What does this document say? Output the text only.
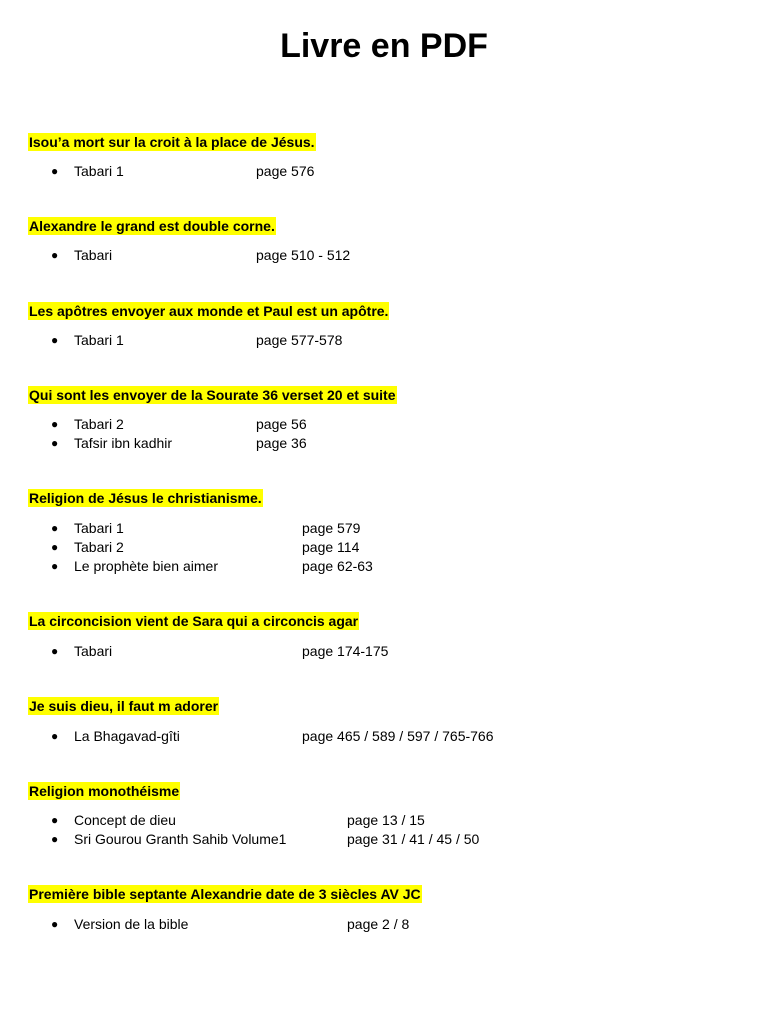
Livre en PDF

Isou’a mort sur la croit à la place de Jésus.

● Tabari 1	page 576

Alexandre le grand est double corne.

● Tabari	page 510 - 512

Les apôtres envoyer aux monde et Paul est un apôtre.

● Tabari 1	page 577-578

Qui sont les envoyer de la Sourate 36 verset 20 et suite

● Tabari 2	page 56
● Tafsir ibn kadhir	page 36

Religion de Jésus le christianisme.

● Tabari 1	page 579
● Tabari 2	page 114
● Le prophète bien aimer	page 62-63

La circoncision vient de Sara qui a circoncis agar

● Tabari	page 174-175

Je suis dieu, il faut m adorer

● La Bhagavad-gîti	page 465 / 589 / 597 / 765-766

Religion monothéisme

● Concept de dieu	page 13 / 15
● Sri Gourou Granth Sahib Volume1	page 31 / 41 / 45 / 50

Première bible septante Alexandrie date de 3 siècles AV JC

● Version de la bible	page 2 / 8
